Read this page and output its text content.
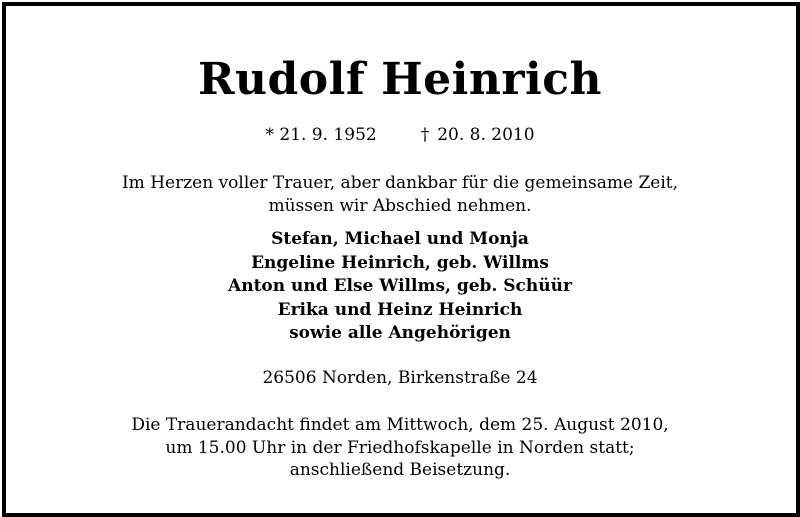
Rudolf Heinrich
* 21. 9. 1952	† 20. 8. 2010
Im Herzen voller Trauer, aber dankbar für die gemeinsame Zeit,
müssen wir Abschied nehmen.
Stefan, Michael und Monja
Engeline Heinrich, geb. Willms
Anton und Else Willms, geb. Schüür
Erika und Heinz Heinrich
sowie alle Angehörigen
26506 Norden, Birkenstraße 24
Die Trauerandacht findet am Mittwoch, dem 25. August 2010,
um 15.00 Uhr in der Friedhofskapelle in Norden statt;
anschließend Beisetzung.
